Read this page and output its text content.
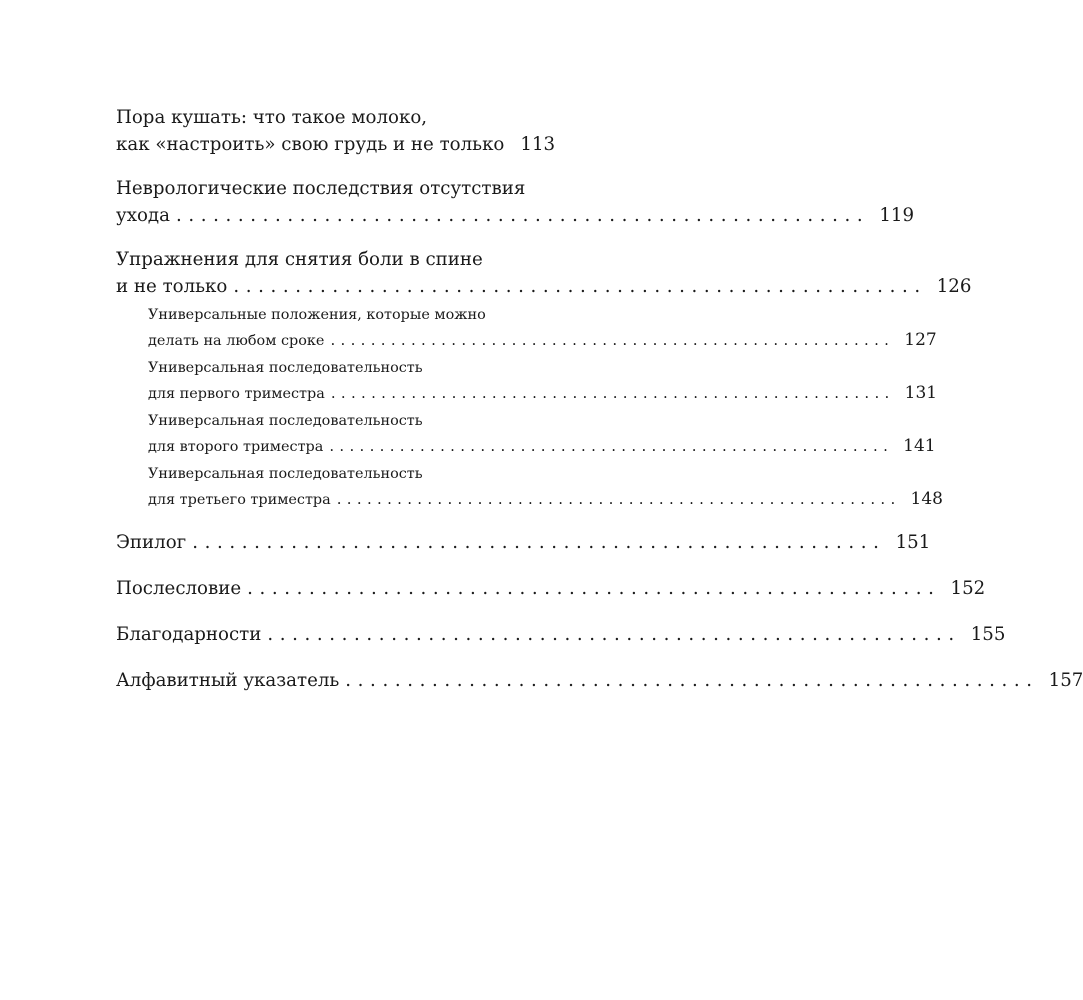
Пора кушать: что такое молоко,
как «настроить» свою грудь и не только 113
Неврологические последствия отсутствия
ухода ........................................................ 119
Упражнения для снятия боли в спине
и не только ........................................................ 126
Универсальные положения, которые можно
делать на любом сроке ........................................................ 127
Универсальная последовательность
для первого триместра ........................................................ 131
Универсальная последовательность
для второго триместра ........................................................ 141
Универсальная последовательность
для третьего триместра ........................................................ 148
Эпилог ........................................................ 151
Послесловие ........................................................ 152
Благодарности ........................................................ 155
Алфавитный указатель ........................................................ 157
